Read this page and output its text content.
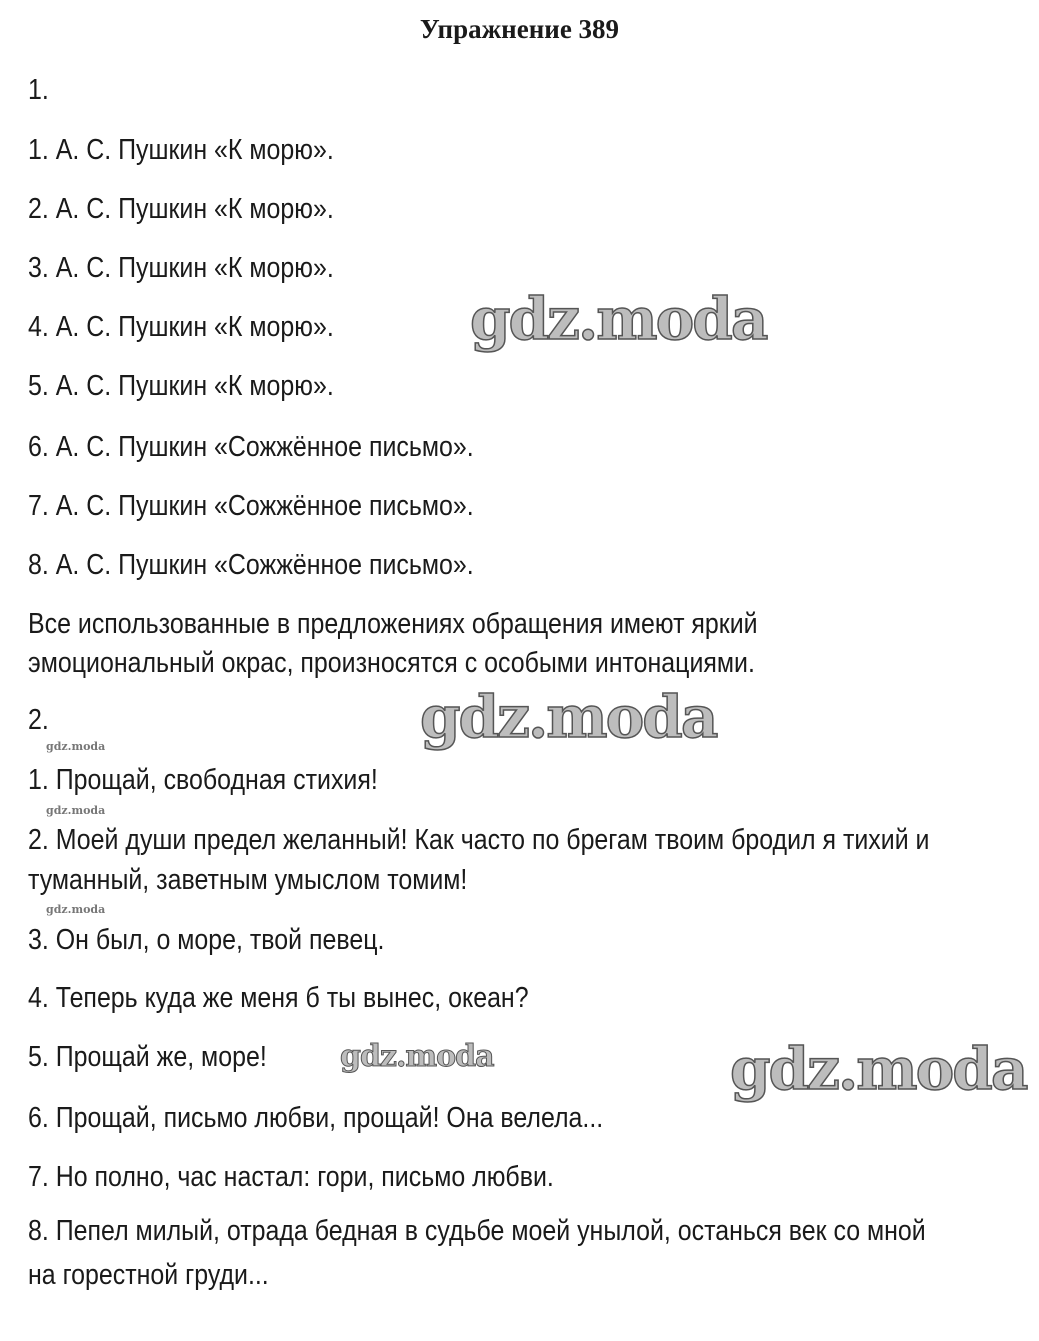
Упражнение 389
1.
1. А. С. Пушкин «К морю».
2. А. С. Пушкин «К морю».
3. А. С. Пушкин «К морю».
4. А. С. Пушкин «К морю».
5. А. С. Пушкин «К морю».
6. А. С. Пушкин «Сожжённое письмо».
7. А. С. Пушкин «Сожжённое письмо».
8. А. С. Пушкин «Сожжённое письмо».
Все использованные в предложениях обращения имеют яркий
эмоциональный окрас, произносятся с особыми интонациями.
2.
1. Прощай, свободная стихия!
2. Моей души предел желанный! Как часто по брегам твоим бродил я тихий и
туманный, заветным умыслом томим!
3. Он был, о море, твой певец.
4. Теперь куда же меня б ты вынес, океан?
5. Прощай же, море!
6. Прощай, письмо любви, прощай! Она велела...
7. Но полно, час настал: гори, письмо любви.
8. Пепел милый, отрада бедная в судьбе моей унылой, останься век со мной
на горестной груди...
gdz.moda
gdz.moda
gdz.moda
gdz.moda
gdz.moda
gdz.moda
gdz.moda
